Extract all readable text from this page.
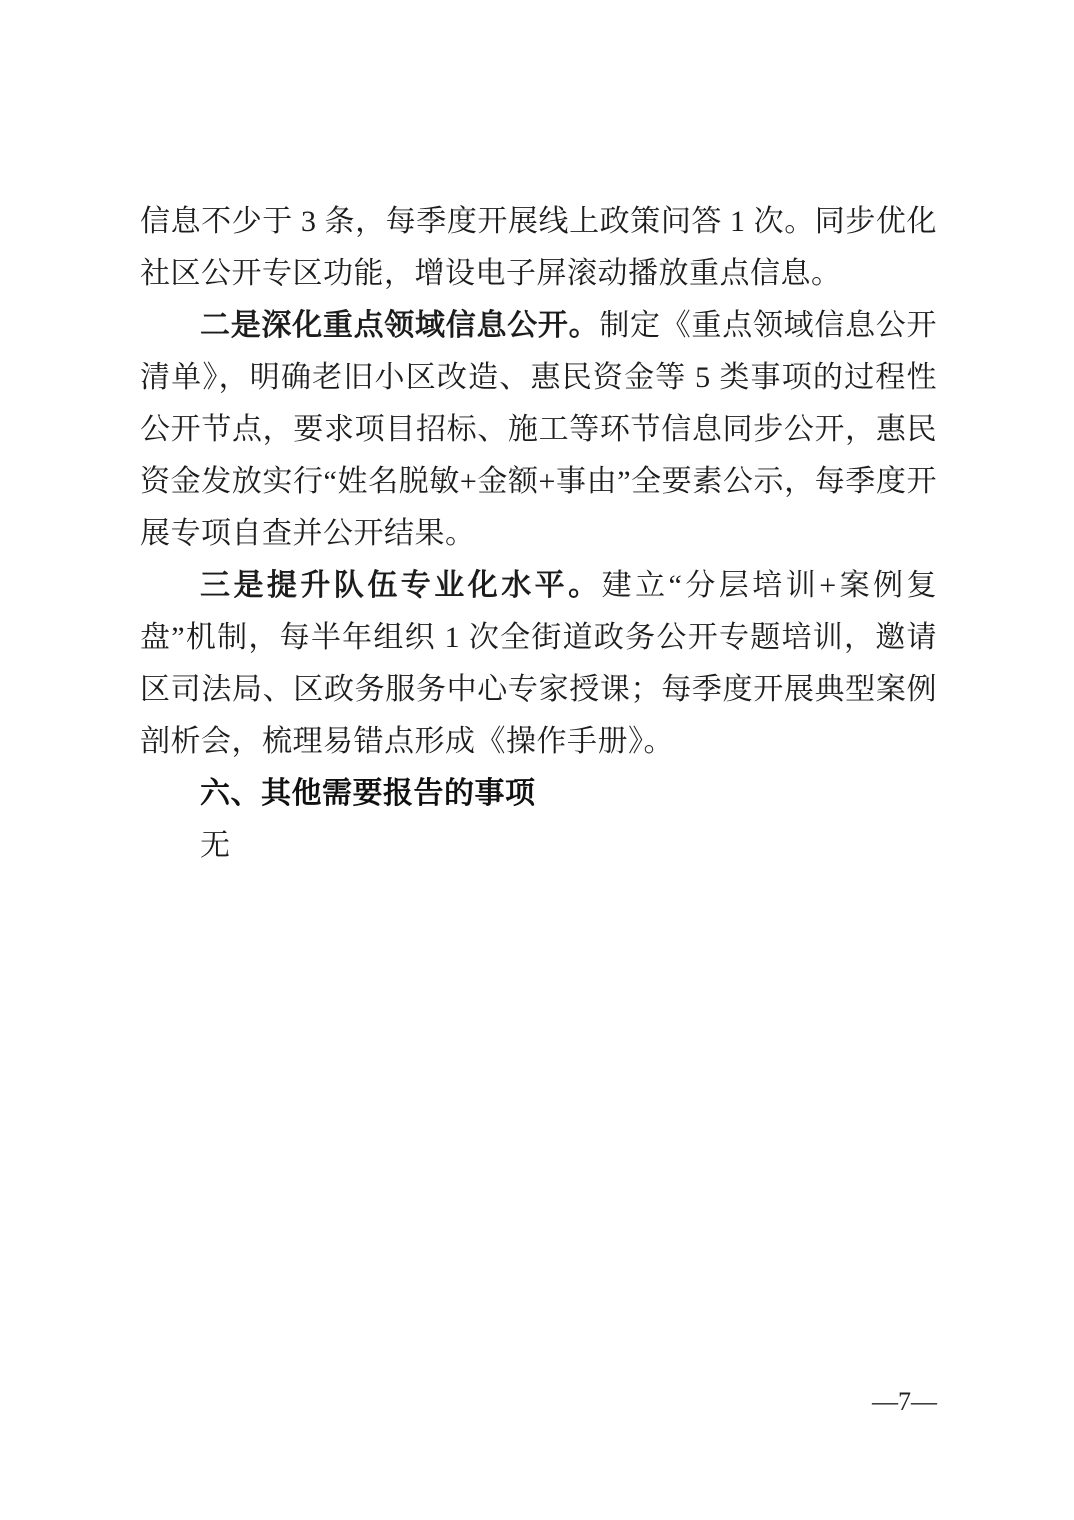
信息不少于 3 条，每季度开展线上政策问答 1 次。同步优化社区公开专区功能，增设电子屏滚动播放重点信息。

二是深化重点领域信息公开。制定《重点领域信息公开清单》，明确老旧小区改造、惠民资金等 5 类事项的过程性公开节点，要求项目招标、施工等环节信息同步公开，惠民资金发放实行“姓名脱敏+金额+事由”全要素公示，每季度开展专项自查并公开结果。

三是提升队伍专业化水平。建立“分层培训+案例复盘”机制，每半年组织 1 次全街道政务公开专题培训，邀请区司法局、区政务服务中心专家授课；每季度开展典型案例剖析会，梳理易错点形成《操作手册》。

六、其他需要报告的事项

无

—7—
